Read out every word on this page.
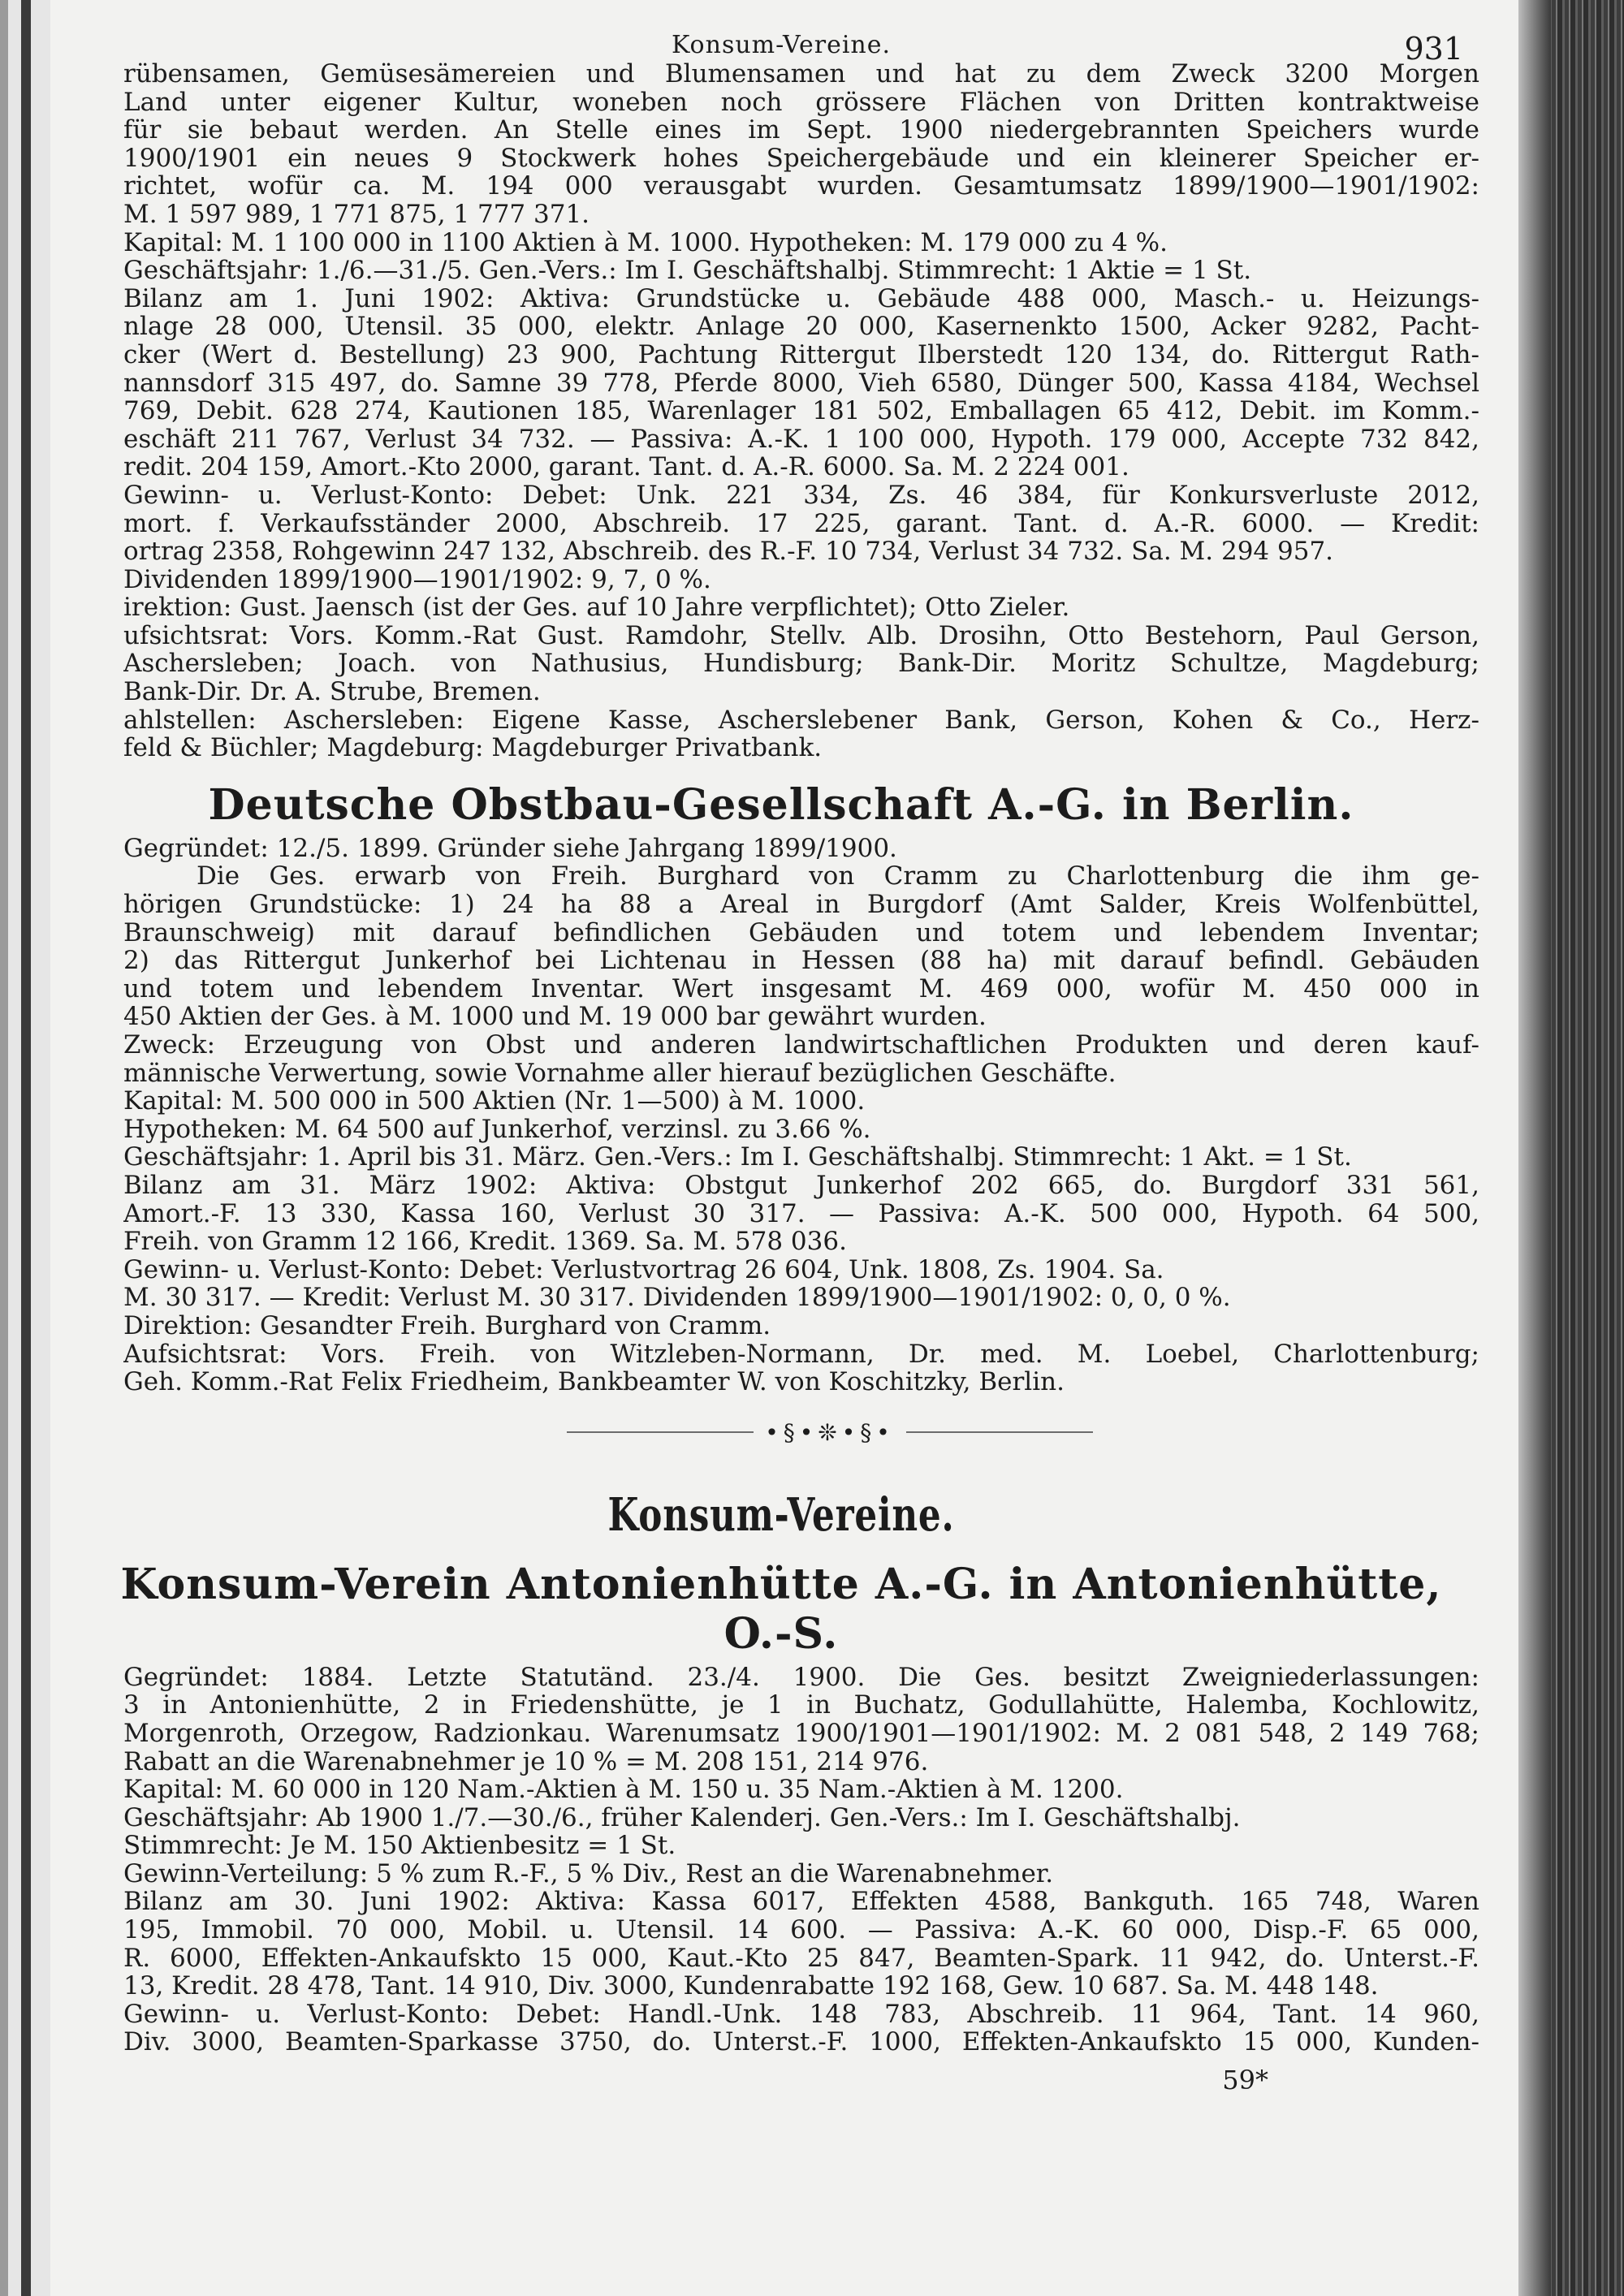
Konsum-Vereine.	931
rübensamen, Gemüsesämereien und Blumensamen und hat zu dem Zweck 3200 Morgen
Land unter eigener Kultur, woneben noch grössere Flächen von Dritten kontraktweise
für sie bebaut werden. An Stelle eines im Sept. 1900 niedergebrannten Speichers wurde
1900/1901 ein neues 9 Stockwerk hohes Speichergebäude und ein kleinerer Speicher er-
richtet, wofür ca. M. 194 000 verausgabt wurden. Gesamtumsatz 1899/1900—1901/1902:
M. 1 597 989, 1 771 875, 1 777 371.
Kapital: M. 1 100 000 in 1100 Aktien à M. 1000. Hypotheken: M. 179 000 zu 4 %.
Geschäftsjahr: 1./6.—31./5. Gen.-Vers.: Im I. Geschäftshalbj. Stimmrecht: 1 Aktie = 1 St.
Bilanz am 1. Juni 1902: Aktiva: Grundstücke u. Gebäude 488 000, Masch.- u. Heizungs-
nlage 28 000, Utensil. 35 000, elektr. Anlage 20 000, Kasernenkto 1500, Acker 9282, Pacht-
cker (Wert d. Bestellung) 23 900, Pachtung Rittergut Ilberstedt 120 134, do. Rittergut Rath-
nannsdorf 315 497, do. Samne 39 778, Pferde 8000, Vieh 6580, Dünger 500, Kassa 4184, Wechsel
769, Debit. 628 274, Kautionen 185, Warenlager 181 502, Emballagen 65 412, Debit. im Komm.-
eschäft 211 767, Verlust 34 732. — Passiva: A.-K. 1 100 000, Hypoth. 179 000, Accepte 732 842,
redit. 204 159, Amort.-Kto 2000, garant. Tant. d. A.-R. 6000. Sa. M. 2 224 001.
Gewinn- u. Verlust-Konto: Debet: Unk. 221 334, Zs. 46 384, für Konkursverluste 2012,
mort. f. Verkaufsständer 2000, Abschreib. 17 225, garant. Tant. d. A.-R. 6000. — Kredit:
ortrag 2358, Rohgewinn 247 132, Abschreib. des R.-F. 10 734, Verlust 34 732. Sa. M. 294 957.
Dividenden 1899/1900—1901/1902: 9, 7, 0 %.
irektion: Gust. Jaensch (ist der Ges. auf 10 Jahre verpflichtet); Otto Zieler.
ufsichtsrat: Vors. Komm.-Rat Gust. Ramdohr, Stellv. Alb. Drosihn, Otto Bestehorn, Paul Gerson,
Aschersleben; Joach. von Nathusius, Hundisburg; Bank-Dir. Moritz Schultze, Magdeburg;
Bank-Dir. Dr. A. Strube, Bremen.
ahlstellen: Aschersleben: Eigene Kasse, Ascherslebener Bank, Gerson, Kohen & Co., Herz-
feld & Büchler; Magdeburg: Magdeburger Privatbank.
Deutsche Obstbau-Gesellschaft A.-G. in Berlin.
Gegründet: 12./5. 1899. Gründer siehe Jahrgang 1899/1900.
Die Ges. erwarb von Freih. Burghard von Cramm zu Charlottenburg die ihm ge-
hörigen Grundstücke: 1) 24 ha 88 a Areal in Burgdorf (Amt Salder, Kreis Wolfenbüttel,
Braunschweig) mit darauf befindlichen Gebäuden und totem und lebendem Inventar;
2) das Rittergut Junkerhof bei Lichtenau in Hessen (88 ha) mit darauf befindl. Gebäuden
und totem und lebendem Inventar. Wert insgesamt M. 469 000, wofür M. 450 000 in
450 Aktien der Ges. à M. 1000 und M. 19 000 bar gewährt wurden.
Zweck: Erzeugung von Obst und anderen landwirtschaftlichen Produkten und deren kauf-
männische Verwertung, sowie Vornahme aller hierauf bezüglichen Geschäfte.
Kapital: M. 500 000 in 500 Aktien (Nr. 1—500) à M. 1000.
Hypotheken: M. 64 500 auf Junkerhof, verzinsl. zu 3.66 %.
Geschäftsjahr: 1. April bis 31. März. Gen.-Vers.: Im I. Geschäftshalbj. Stimmrecht: 1 Akt. = 1 St.
Bilanz am 31. März 1902: Aktiva: Obstgut Junkerhof 202 665, do. Burgdorf 331 561,
Amort.-F. 13 330, Kassa 160, Verlust 30 317. — Passiva: A.-K. 500 000, Hypoth. 64 500,
Freih. von Gramm 12 166, Kredit. 1369. Sa. M. 578 036.
Gewinn- u. Verlust-Konto: Debet: Verlustvortrag 26 604, Unk. 1808, Zs. 1904. Sa.
M. 30 317. — Kredit: Verlust M. 30 317. Dividenden 1899/1900—1901/1902: 0, 0, 0 %.
Direktion: Gesandter Freih. Burghard von Cramm.
Aufsichtsrat: Vors. Freih. von Witzleben-Normann, Dr. med. M. Loebel, Charlottenburg;
Geh. Komm.-Rat Felix Friedheim, Bankbeamter W. von Koschitzky, Berlin.
•§•❊•§•
Konsum-Vereine.
Konsum-Verein Antonienhütte A.-G. in Antonienhütte, O.-S.
Gegründet: 1884. Letzte Statutänd. 23./4. 1900. Die Ges. besitzt Zweigniederlassungen:
3 in Antonienhütte, 2 in Friedenshütte, je 1 in Buchatz, Godullahütte, Halemba, Kochlowitz,
Morgenroth, Orzegow, Radzionkau. Warenumsatz 1900/1901—1901/1902: M. 2 081 548, 2 149 768;
Rabatt an die Warenabnehmer je 10 % = M. 208 151, 214 976.
Kapital: M. 60 000 in 120 Nam.-Aktien à M. 150 u. 35 Nam.-Aktien à M. 1200.
Geschäftsjahr: Ab 1900 1./7.—30./6., früher Kalenderj. Gen.-Vers.: Im I. Geschäftshalbj.
Stimmrecht: Je M. 150 Aktienbesitz = 1 St.
Gewinn-Verteilung: 5 % zum R.-F., 5 % Div., Rest an die Warenabnehmer.
Bilanz am 30. Juni 1902: Aktiva: Kassa 6017, Effekten 4588, Bankguth. 165 748, Waren
195, Immobil. 70 000, Mobil. u. Utensil. 14 600. — Passiva: A.-K. 60 000, Disp.-F. 65 000,
R. 6000, Effekten-Ankaufskto 15 000, Kaut.-Kto 25 847, Beamten-Spark. 11 942, do. Unterst.-F.
13, Kredit. 28 478, Tant. 14 910, Div. 3000, Kundenrabatte 192 168, Gew. 10 687. Sa. M. 448 148.
Gewinn- u. Verlust-Konto: Debet: Handl.-Unk. 148 783, Abschreib. 11 964, Tant. 14 960,
Div. 3000, Beamten-Sparkasse 3750, do. Unterst.-F. 1000, Effekten-Ankaufskto 15 000, Kunden-
59*
